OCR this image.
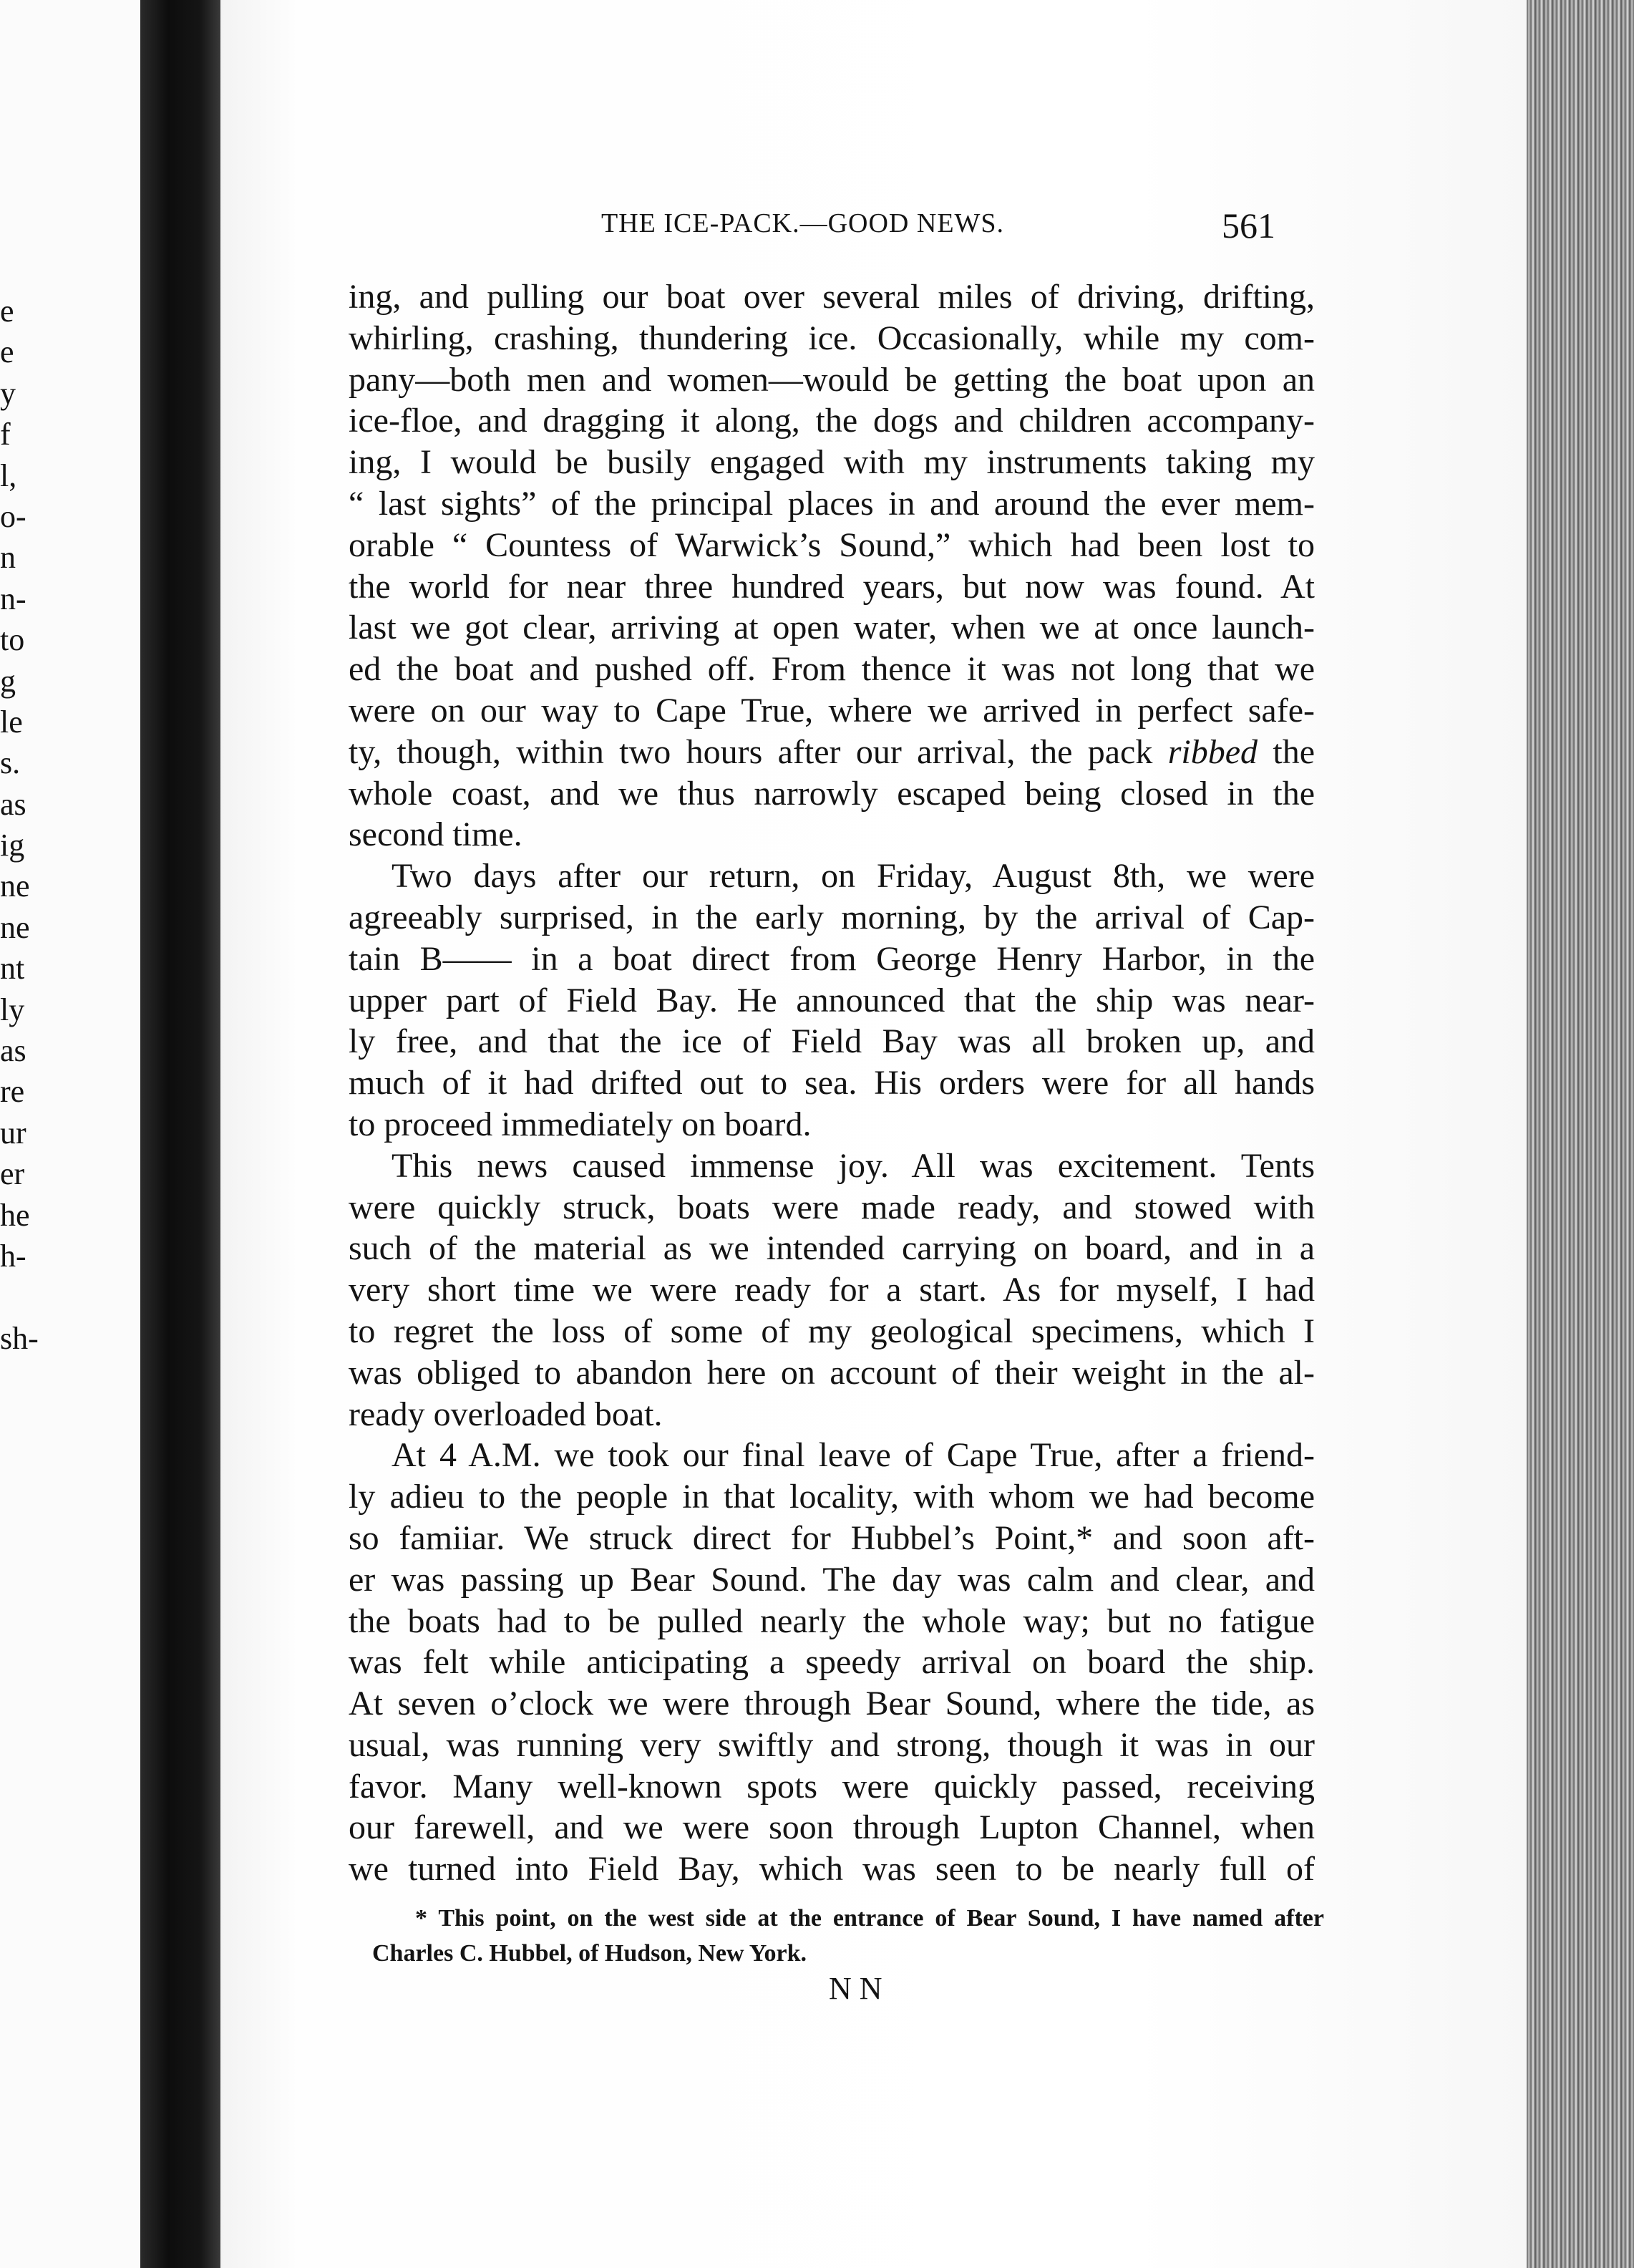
e
e
y
f
l,
o-
n
n-
to
g
le
s.
as
ig
ne
ne
nt
ly
as
re
ur
er
he
h-
sh-
THE ICE-PACK.—GOOD NEWS.	561
ing, and pulling our boat over several miles of driving, drifting,
whirling, crashing, thundering ice. Occasionally, while my com-
pany—both men and women—would be getting the boat upon an
ice-floe, and dragging it along, the dogs and children accompany-
ing, I would be busily engaged with my instruments taking my
“ last sights” of the principal places in and around the ever mem-
orable “ Countess of Warwick’s Sound,” which had been lost to
the world for near three hundred years, but now was found. At
last we got clear, arriving at open water, when we at once launch-
ed the boat and pushed off. From thence it was not long that we
were on our way to Cape True, where we arrived in perfect safe-
ty, though, within two hours after our arrival, the pack ribbed the
whole coast, and we thus narrowly escaped being closed in the
second time.
Two days after our return, on Friday, August 8th, we were
agreeably surprised, in the early morning, by the arrival of Cap-
tain B—— in a boat direct from George Henry Harbor, in the
upper part of Field Bay. He announced that the ship was near-
ly free, and that the ice of Field Bay was all broken up, and
much of it had drifted out to sea. His orders were for all hands
to proceed immediately on board.
This news caused immense joy. All was excitement. Tents
were quickly struck, boats were made ready, and stowed with
such of the material as we intended carrying on board, and in a
very short time we were ready for a start. As for myself, I had
to regret the loss of some of my geological specimens, which I
was obliged to abandon here on account of their weight in the al-
ready overloaded boat.
At 4 A.M. we took our final leave of Cape True, after a friend-
ly adieu to the people in that locality, with whom we had become
so famiiar. We struck direct for Hubbel’s Point,* and soon aft-
er was passing up Bear Sound. The day was calm and clear, and
the boats had to be pulled nearly the whole way; but no fatigue
was felt while anticipating a speedy arrival on board the ship.
At seven o’clock we were through Bear Sound, where the tide, as
usual, was running very swiftly and strong, though it was in our
favor. Many well-known spots were quickly passed, receiving
our farewell, and we were soon through Lupton Channel, when
we turned into Field Bay, which was seen to be nearly full of
* This point, on the west side at the entrance of Bear Sound, I have named after
Charles C. Hubbel, of Hudson, New York.
N N
